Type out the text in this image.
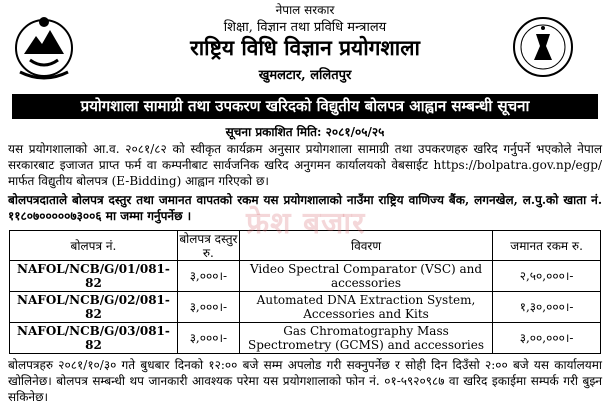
नेपाल सरकार
शिक्षा, विज्ञान तथा प्रविधि मन्त्रालय
राष्ट्रिय विधि विज्ञान प्रयोगशाला
खुमलटार, ललितपुर
प्रयोगशाला सामाग्री तथा उपकरण खरिदको विद्युतीय बोलपत्र आह्वान सम्बन्धी सूचना
सूचना प्रकाशित मिति: २०८१/०५/२५

यस प्रयोगशालाको आ.व. २०८१/८२ को स्वीकृत कार्यक्रम अनुसार प्रयोगशाला सामाग्री तथा उपकरणहरु खरिद गर्नुपर्ने भएकोले नेपाल सरकारबाट इजाजत प्राप्त फर्म वा कम्पनीबाट सार्वजनिक खरिद अनुगमन कार्यालयको वेबसाईट https://bolpatra.gov.np/egp/ मार्फत विद्युतीय बोलपत्र (E-Bidding) आह्वान गरिएको छ।

बोलपत्रदाताले बोलपत्र दस्तुर तथा जमानत वापतको रकम यस प्रयोगशालाको नाउँमा राष्ट्रिय वाणिज्य बैंक, लगनखेल, ल.पु.को खाता नं. ११८०७०००००७३००६ मा जम्मा गर्नुपर्नेछ ।

बोलपत्र नं.	बोलपत्र दस्तुर रु.	विवरण	जमानत रकम रु.
NAFOL/NCB/G/01/081-82	३,०००।-	Video Spectral Comparator (VSC) and accessories	२,५०,०००।-
NAFOL/NCB/G/02/081-82	३,०००।-	Automated DNA Extraction System, Accessories and Kits	१,३०,०००।-
NAFOL/NCB/G/03/081-82	३,०००।-	Gas Chromatography Mass Spectrometry (GCMS) and accessories	३,००,०००।-
फ्रेश बजार

बोलपत्रहरु २०८१/१०/३० गते बुधबार दिनको १२:०० बजे सम्म अपलोड गरी सक्नुपर्नेछ र सोही दिन दिउँसो २:०० बजे यस कार्यालयमा खोलिनेछ। बोलपत्र सम्बन्धी थप जानकारी आवश्यक परेमा यस प्रयोगशालाको फोन नं. ०१-५९२०९८७ वा खरिद इकाईमा सम्पर्क गरी बुझ्न सकिनेछ।
